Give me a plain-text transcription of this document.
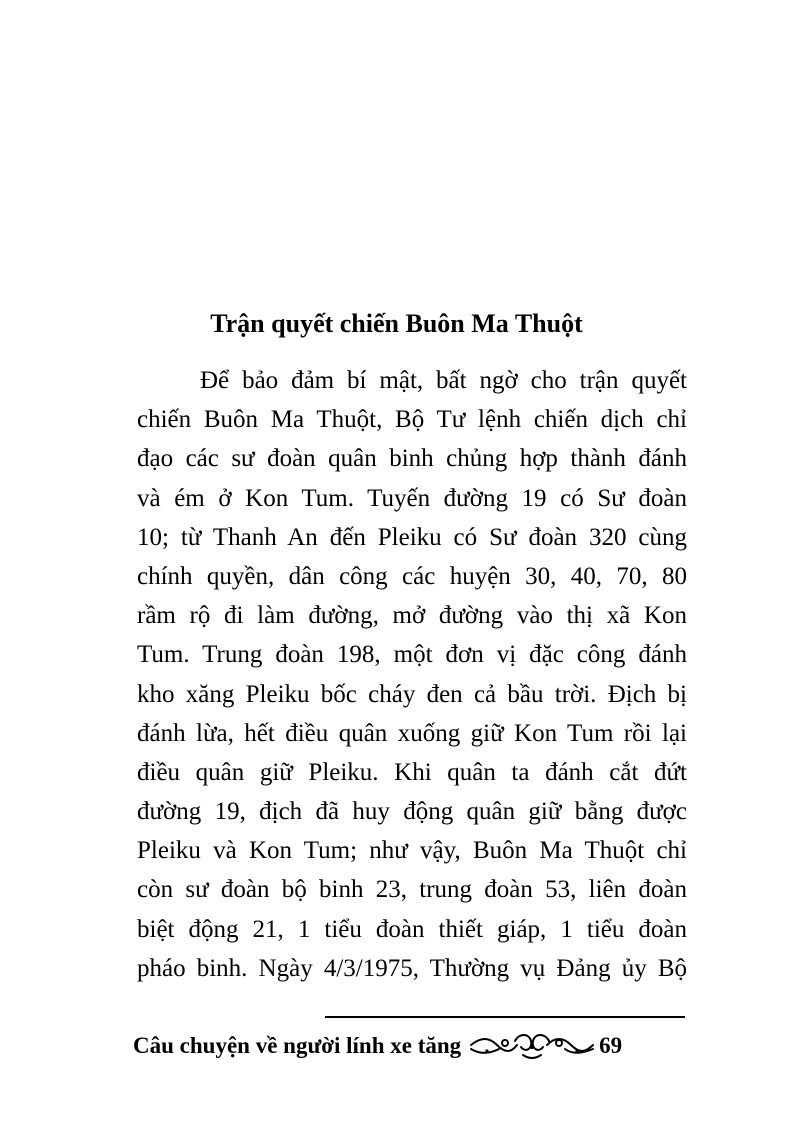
Trận quyết chiến Buôn Ma Thuột
Để bảo đảm bí mật, bất ngờ cho trận quyết
chiến Buôn Ma Thuột, Bộ Tư lệnh chiến dịch chỉ
đạo các sư đoàn quân binh chủng hợp thành đánh
và ém ở Kon Tum. Tuyến đường 19 có Sư đoàn
10; từ Thanh An đến Pleiku có Sư đoàn 320 cùng
chính quyền, dân công các huyện 30, 40, 70, 80
rầm rộ đi làm đường, mở đường vào thị xã Kon
Tum. Trung đoàn 198, một đơn vị đặc công đánh
kho xăng Pleiku bốc cháy đen cả bầu trời. Địch bị
đánh lừa, hết điều quân xuống giữ Kon Tum rồi lại
điều quân giữ Pleiku. Khi quân ta đánh cắt đứt
đường 19, địch đã huy động quân giữ bằng được
Pleiku và Kon Tum; như vậy, Buôn Ma Thuột chỉ
còn sư đoàn bộ binh 23, trung đoàn 53, liên đoàn
biệt động 21, 1 tiểu đoàn thiết giáp, 1 tiểu đoàn
pháo binh. Ngày 4/3/1975, Thường vụ Đảng ủy Bộ
Câu chuyện về người lính xe tăng	69
